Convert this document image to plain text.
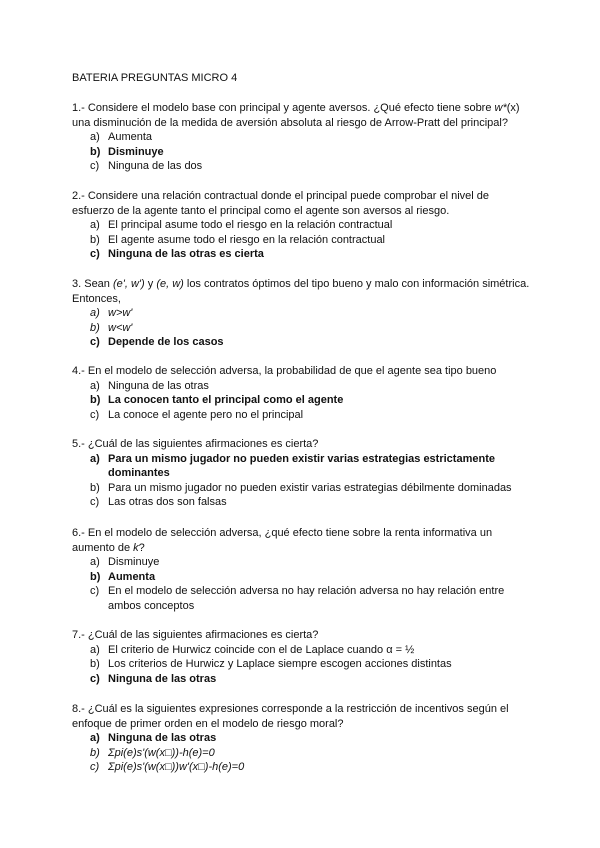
BATERIA PREGUNTAS MICRO 4

1.- Considere el modelo base con principal y agente aversos. ¿Qué efecto tiene sobre w*(x) una disminución de la medida de aversión absoluta al riesgo de Arrow-Pratt del principal?

a) Aumenta
b) Disminuye
c) Ninguna de las dos

2.- Considere una relación contractual donde el principal puede comprobar el nivel de esfuerzo de la agente tanto el principal como el agente son aversos al riesgo.

a) El principal asume todo el riesgo en la relación contractual
b) El agente asume todo el riesgo en la relación contractual
c) Ninguna de las otras es cierta

3. Sean (e', w') y (e, w) los contratos óptimos del tipo bueno y malo con información simétrica. Entonces,

a) w>w'
b) w<w'
c) Depende de los casos

4.- En el modelo de selección adversa, la probabilidad de que el agente sea tipo bueno

a) Ninguna de las otras
b) La conocen tanto el principal como el agente
c) La conoce el agente pero no el principal

5.- ¿Cuál de las siguientes afirmaciones es cierta?

a) Para un mismo jugador no pueden existir varias estrategias estrictamente dominantes
b) Para un mismo jugador no pueden existir varias estrategias débilmente dominadas
c) Las otras dos son falsas

6.- En el modelo de selección adversa, ¿qué efecto tiene sobre la renta informativa un aumento de k?

a) Disminuye
b) Aumenta
c) En el modelo de selección adversa no hay relación adversa no hay relación entre ambos conceptos

7.- ¿Cuál de las siguientes afirmaciones es cierta?

a) El criterio de Hurwicz coincide con el de Laplace cuando α = ½
b) Los criterios de Hurwicz y Laplace siempre escogen acciones distintas
c) Ninguna de las otras

8.- ¿Cuál es la siguientes expresiones corresponde a la restricción de incentivos según el enfoque de primer orden en el modelo de riesgo moral?

a) Ninguna de las otras
b) Σpi(e)s'(w(x□))-h(e)=0
c) Σpi(e)s'(w(x□))w'(x□)-h(e)=0
